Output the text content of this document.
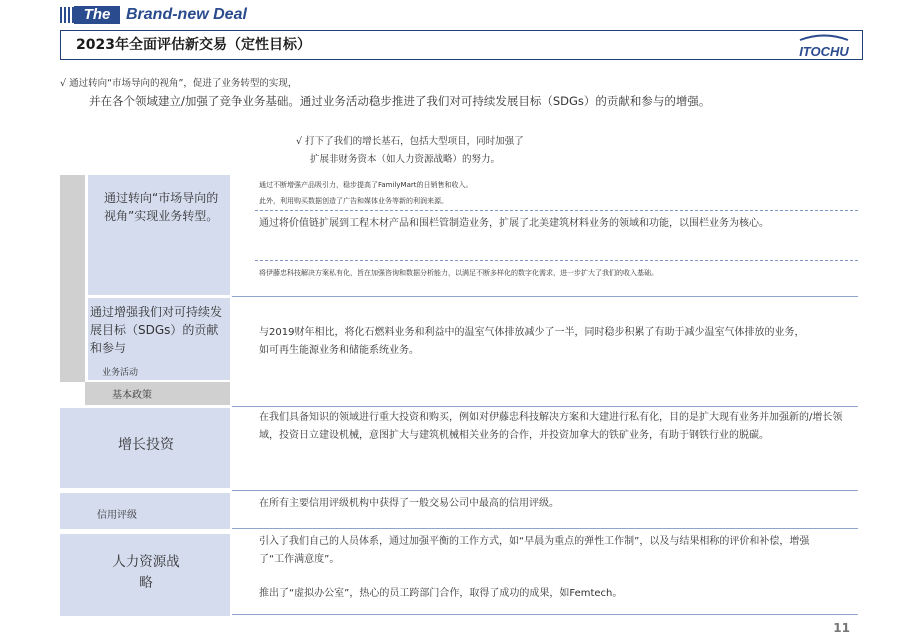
The Brand-new Deal
2023年全面评估新交易（定性目标）	ITOCHU
√ 通过转向“市场导向的视角”，促进了业务转型的实现，
并在各个领域建立/加强了竞争业务基础。通过业务活动稳步推进了我们对可持续发展目标（SDGs）的贡献和参与的增强。
√ 打下了我们的增长基石，包括大型项目，同时加强了
扩展非财务资本（如人力资源战略）的努力。
基本政策
通过转向“市场导向的视角”实现业务转型。
通过增强我们对可持续发展目标（SDGs）的贡献和参与
业务活动
增长投资
信用评级
人力资源战略
通过不断增强产品吸引力，稳步提高了FamilyMart的日销售和收入。
此外，利用购买数据创造了广告和媒体业务等新的利润来源。
通过将价值链扩展到工程木材产品和围栏管制造业务，扩展了北美建筑材料业务的领域和功能，以围栏业务为核心。
将伊藤忠科技解决方案私有化，旨在加强咨询和数据分析能力，以满足不断多样化的数字化需求，进一步扩大了我们的收入基础。
与2019财年相比，将化石燃料业务和利益中的温室气体排放减少了一半，同时稳步积累了有助于减少温室气体排放的业务，如可再生能源业务和储能系统业务。
在我们具备知识的领域进行重大投资和购买，例如对伊藤忠科技解决方案和大建进行私有化，目的是扩大现有业务并加强新的/增长领域，投资日立建设机械，意图扩大与建筑机械相关业务的合作，并投资加拿大的铁矿业务，有助于钢铁行业的脱碳。
在所有主要信用评级机构中获得了一般交易公司中最高的信用评级。
引入了我们自己的人员体系，通过加强平衡的工作方式，如“早晨为重点的弹性工作制”，以及与结果相称的评价和补偿，增强了“工作满意度”。
推出了“虚拟办公室”，热心的员工跨部门合作，取得了成功的成果，如Femtech。
11
